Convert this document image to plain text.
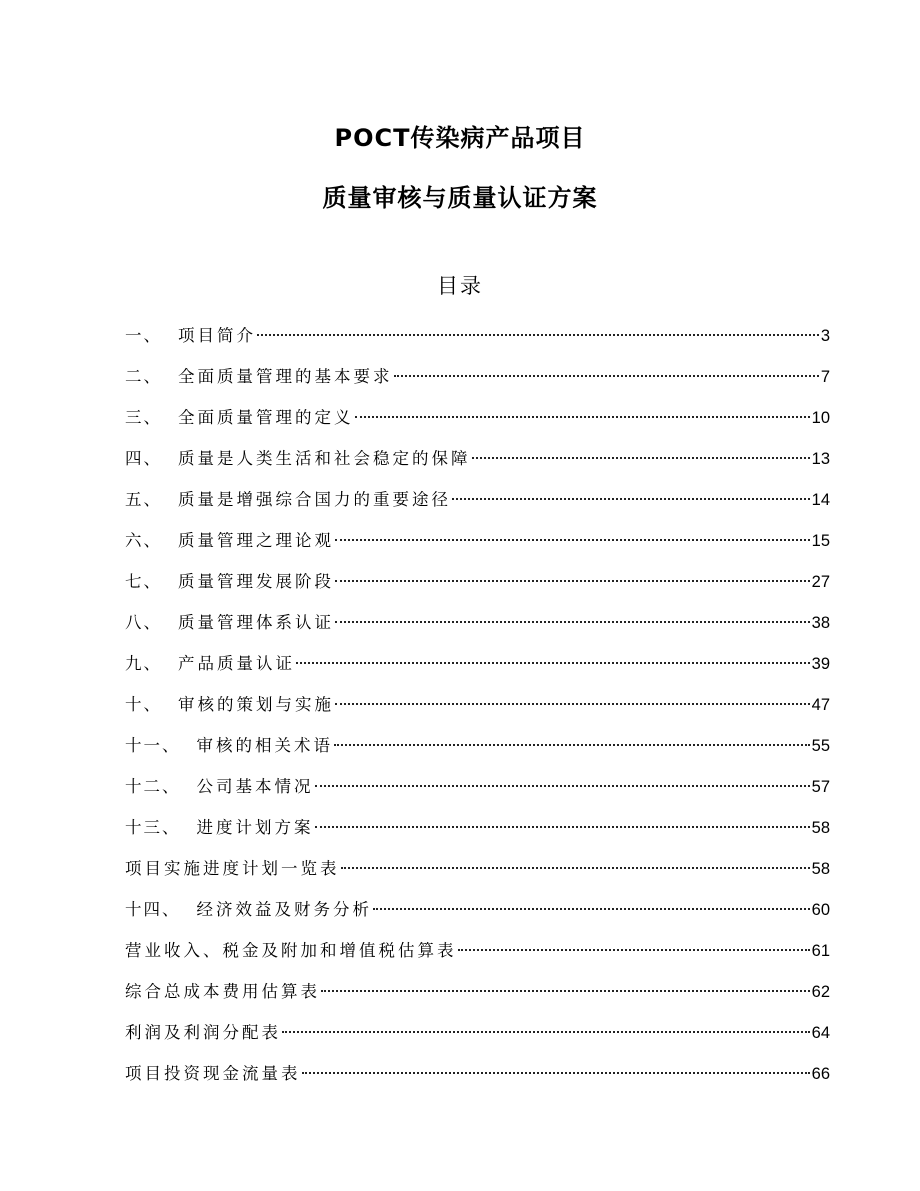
POCT传染病产品项目
质量审核与质量认证方案
目录
一 、 项目简介	3
二 、 全面质量管理的基本要求	7
三 、 全面质量管理的定义	10
四 、 质量是人类生活和社会稳定的保障	13
五 、 质量是增强综合国力的重要途径	14
六 、 质量管理之理论观	15
七 、 质量管理发展阶段	27
八 、 质量管理体系认证	38
九 、 产品质量认证	39
十 、 审核的策划与实施	47
十一 、 审核的相关术语	55
十二 、 公司基本情况	57
十三 、 进度计划方案	58
项目实施进度计划一览表	58
十四 、 经济效益及财务分析	60
营业收入、税金及附加和增值税估算表	61
综合总成本费用估算表	62
利润及利润分配表	64
项目投资现金流量表	66
